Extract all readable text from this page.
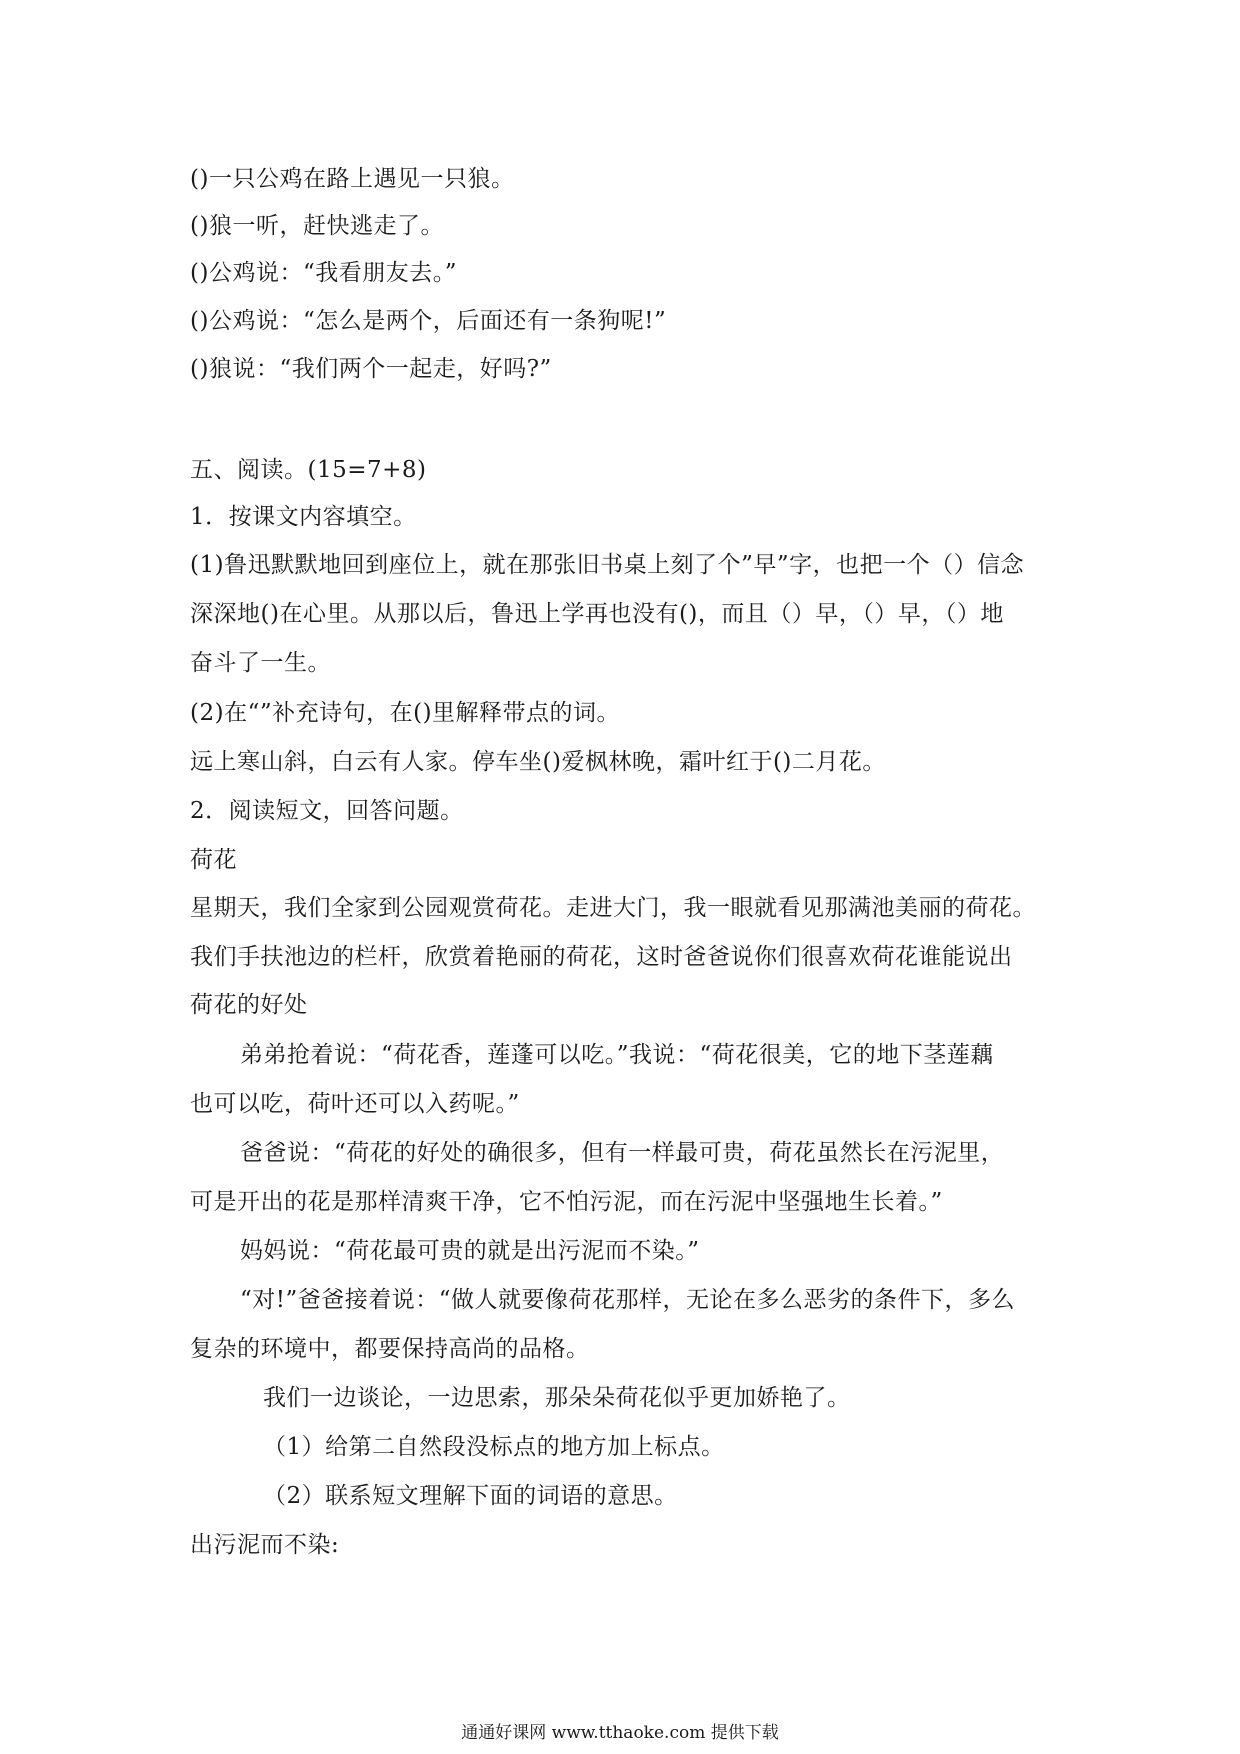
()一只公鸡在路上遇见一只狼。
()狼一听，赶快逃走了。
()公鸡说：“我看朋友去。”
()公鸡说：“怎么是两个，后面还有一条狗呢!”
()狼说：“我们两个一起走，好吗?”
五、阅读。(15=7+8)
1．按课文内容填空。
(1)鲁迅默默地回到座位上，就在那张旧书桌上刻了个”早”字，也把一个（）信念
深深地()在心里。从那以后，鲁迅上学再也没有()，而且（）早，（）早，（）地
奋斗了一生。
(2)在“”补充诗句，在()里解释带点的词。
远上寒山斜，白云有人家。停车坐()爱枫林晚，霜叶红于()二月花。
2．阅读短文，回答问题。
荷花
星期天，我们全家到公园观赏荷花。走进大门，我一眼就看见那满池美丽的荷花。
我们手扶池边的栏杆，欣赏着艳丽的荷花，这时爸爸说你们很喜欢荷花谁能说出
荷花的好处
弟弟抢着说：“荷花香，莲蓬可以吃。”我说：“荷花很美，它的地下茎莲藕
也可以吃，荷叶还可以入药呢。”
爸爸说：“荷花的好处的确很多，但有一样最可贵，荷花虽然长在污泥里，
可是开出的花是那样清爽干净，它不怕污泥，而在污泥中坚强地生长着。”
妈妈说：“荷花最可贵的就是出污泥而不染。”
“对!”爸爸接着说：“做人就要像荷花那样，无论在多么恶劣的条件下，多么
复杂的环境中，都要保持高尚的品格。
我们一边谈论，一边思索，那朵朵荷花似乎更加娇艳了。
（1）给第二自然段没标点的地方加上标点。
（2）联系短文理解下面的词语的意思。
出污泥而不染:
通通好课网 www.tthaoke.com 提供下载
